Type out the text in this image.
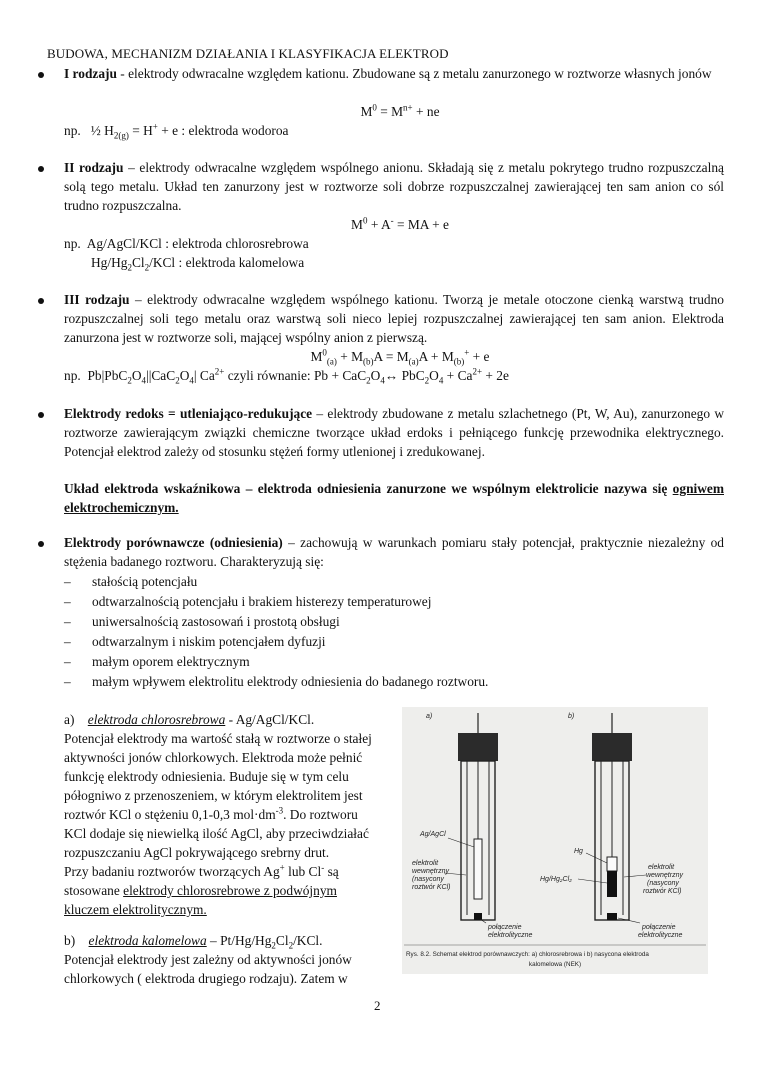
BUDOWA, MECHANIZM DZIAŁANIA I KLASYFIKACJA ELEKTROD
I rodzaju - elektrody odwracalne względem kationu. Zbudowane są z metalu zanurzonego w roztworze własnych jonów
$M^0 = M^{n+}$ + ne
np.   ½ $H_{2(g)} = H^+ + e$ : elektroda wodoroa
II rodzaju – elektrody odwracalne względem wspólnego anionu. Składają się z metalu pokrytego trudno rozpuszczalną solą tego metalu. Układ ten zanurzony jest w roztworze soli dobrze rozpuszczalnej zawierającej ten sam anion co sól trudno rozpuszczalna.
$M^0 + A^-$ = MA + e
np. Ag/AgCl/KCl : elektroda chlorosrebrowa
$Hg/Hg_2Cl_2$/KCl : elektroda kalomelowa
III rodzaju – elektrody odwracalne względem wspólnego kationu. Tworzą je metale otoczone cienką warstwą trudno rozpuszczalnej soli tego metalu oraz warstwą soli nieco lepiej rozpuszczalnej zawierającej ten sam anion. Elektroda zanurzona jest w roztworze soli, mającej wspólny anion z pierwszą.
$M^0_{(a)} + M_{(b)}A = M_{(a)}A + M_{(b)}^+ + e$
np.  $Pb|PbC_2O_4||CaC_2O_4|$ $Ca^{2+}$ czyli równanie: $Pb + CaC_2O_4\leftrightarrow$ $PbC_2O_4 + Ca^{2+} + 2e$
Elektrody redoks = utleniająco-redukujące – elektrody zbudowane z metalu szlachetnego (Pt, W, Au), zanurzonego w roztworze zawierającym związki chemiczne tworzące układ erdoks i pełniącego funkcję przewodnika elektrycznego. Potencjał elektrod zależy od stosunku stężeń formy utlenionej i zredukowanej.
Układ elektroda wskaźnikowa – elektroda odniesienia zanurzone we wspólnym elektrolicie nazywa się ogniwem elektrochemicznym.
Elektrody porównawcze (odniesienia) – zachowują w warunkach pomiaru stały potencjał, praktycznie niezależny od stężenia badanego roztworu. Charakteryzują się:
– stałością potencjału
– odtwarzalnością potencjału i brakiem histerezy temperaturowej
– uniwersalnością zastosowań i prostotą obsługi
– odtwarzalnym i niskim potencjałem dyfuzji
– małym oporem elektrycznym
– małym wpływem elektrolitu elektrody odniesienia do badanego roztworu.
a) elektroda chlorosrebrowa - Ag/AgCl/KCl.
Potencjał elektrody ma wartość stałą w roztworze o stałej
aktywności jonów chlorkowych. Elektroda może pełnić
funkcję elektrody odniesienia. Buduje się w tym celu
półogniwo z przenoszeniem, w którym elektrolitem jest
roztwór KCl o stężeniu 0,1-0,3 $mol\cdot dm^{-3}$. Do roztworu
KCl dodaje się niewielką ilość AgCl, aby przeciwdziałać
rozpuszczaniu AgCl pokrywającego srebrny drut.
Przy badaniu roztworów tworzących Ag+ lub Cl- są
stosowane elektrody chlorosrebrowe z podwójnym
kluczem elektrolitycznym.
b) elektroda kalomelowa – $Pt/Hg/Hg_2Cl_2$/KCl.
Potencjał elektrody jest zależny od aktywności jonów
chlorkowych ( elektroda drugiego rodzaju). Zatem w
a)
Ag/AgCl
elektrolit
wewnętrzny
(nasycony
roztwór KCl)
połączenie
elektrolityczne
b)
Hg
Hg/Hg₂Cl₂
elektrolit
wewnętrzny
(nasycony
roztwór KCl)
połączenie
elektrolityczne
Rys. 8.2. Schemat elektrod porównawczych: a) chlorosrebrowa i b) nasycona elektroda
kalomelowa (NEK)
2
